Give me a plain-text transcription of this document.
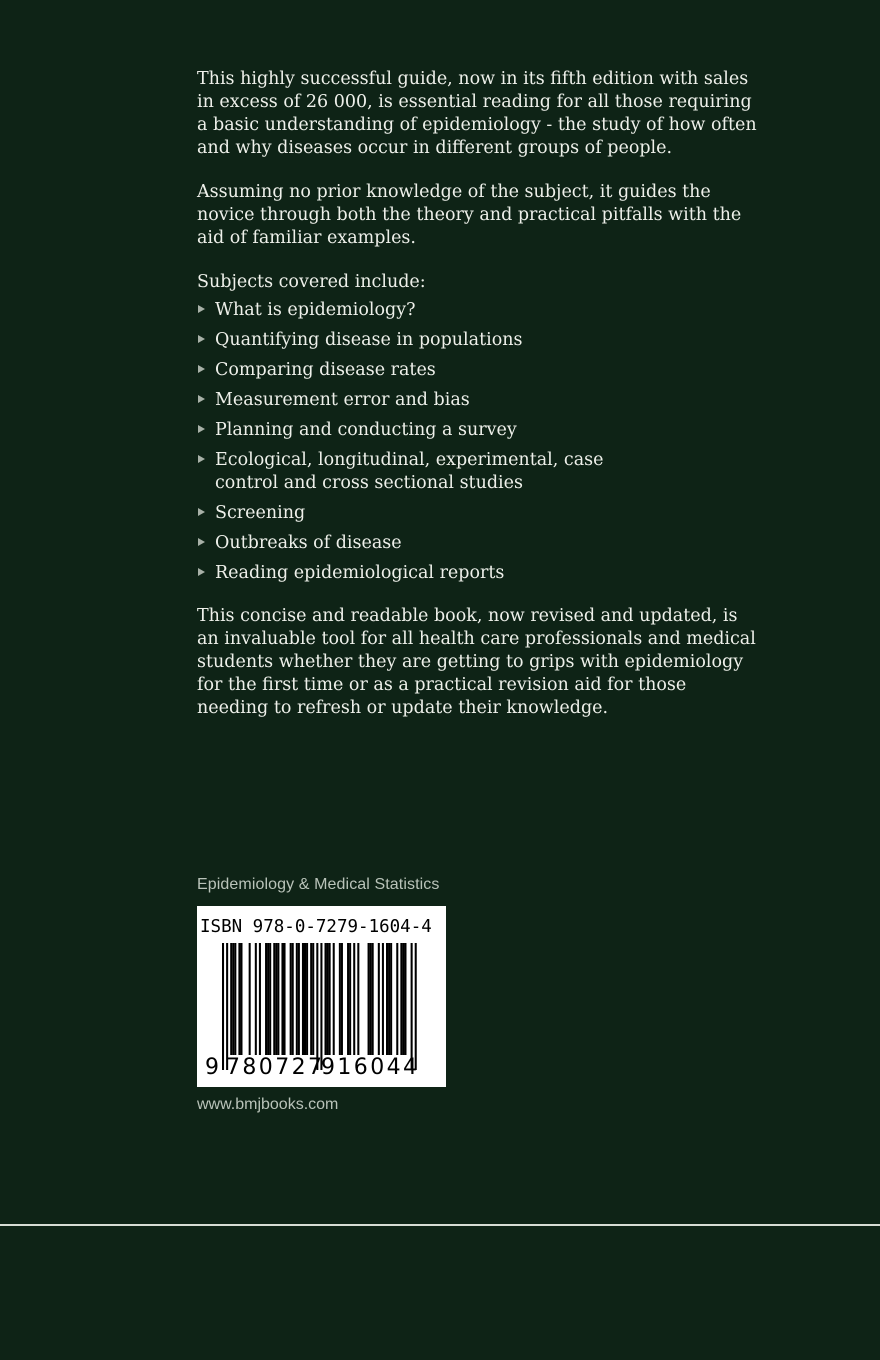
This highly successful guide, now in its fifth edition with sales in excess of 26 000, is essential reading for all those requiring a basic understanding of epidemiology - the study of how often and why diseases occur in different groups of people.

Assuming no prior knowledge of the subject, it guides the novice through both the theory and practical pitfalls with the aid of familiar examples.

Subjects covered include:

What is epidemiology?
Quantifying disease in populations
Comparing disease rates
Measurement error and bias
Planning and conducting a survey
Ecological, longitudinal, experimental, case control and cross sectional studies
Screening
Outbreaks of disease
Reading epidemiological reports

This concise and readable book, now revised and updated, is an invaluable tool for all health care professionals and medical students whether they are getting to grips with epidemiology for the first time or as a practical revision aid for those needing to refresh or update their knowledge.

Epidemiology & Medical Statistics
ISBN 978-0-7279-1604-4
9 780727
916044
www.bmjbooks.com
